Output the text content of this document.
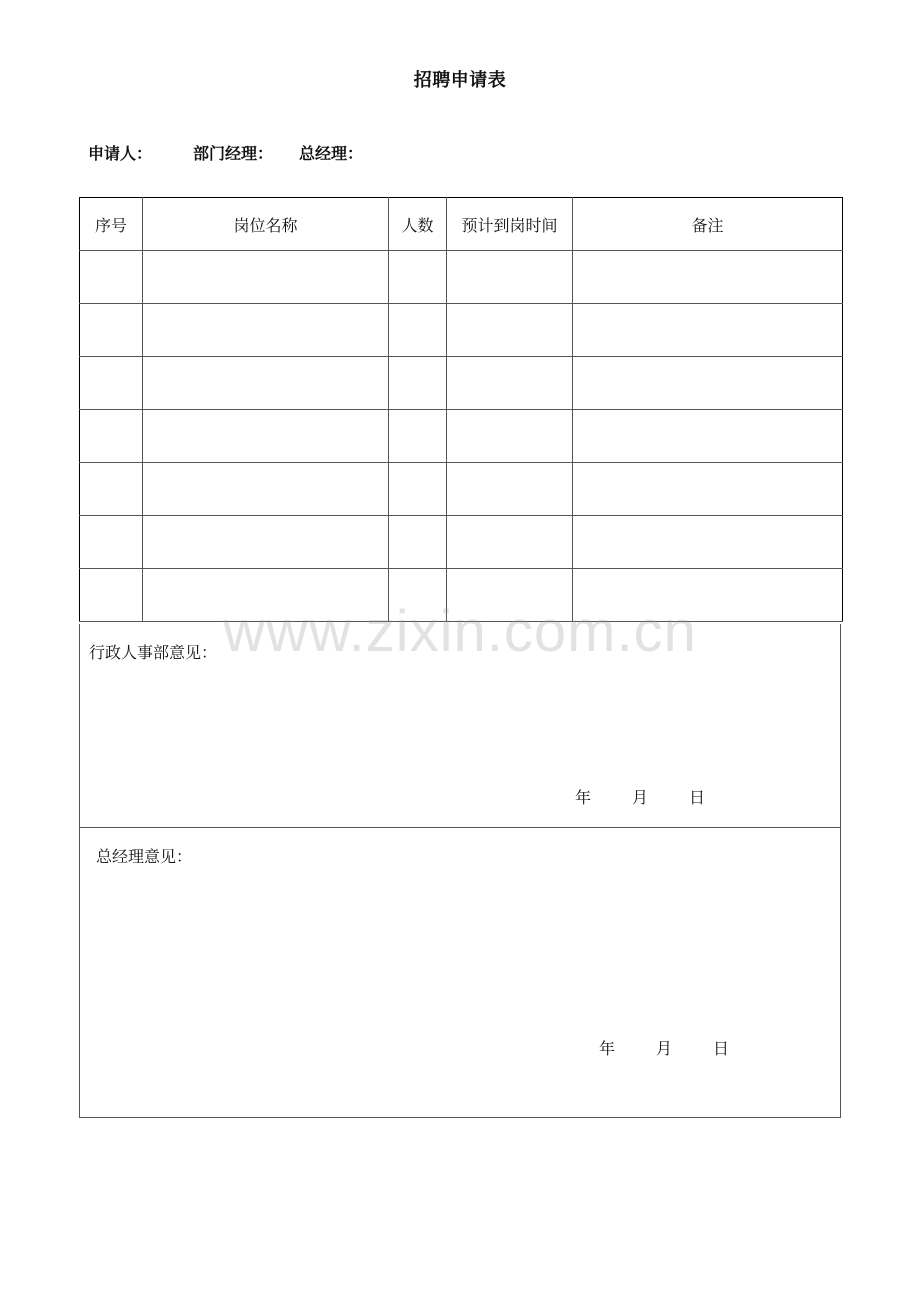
招聘申请表
申请人：	部门经理： 总经理：
序号	岗位名称	人数	预计到岗时间	备注

行政人事部意见：
年	月	日
总经理意见：
年	月	日
www.zixin.com.cn
